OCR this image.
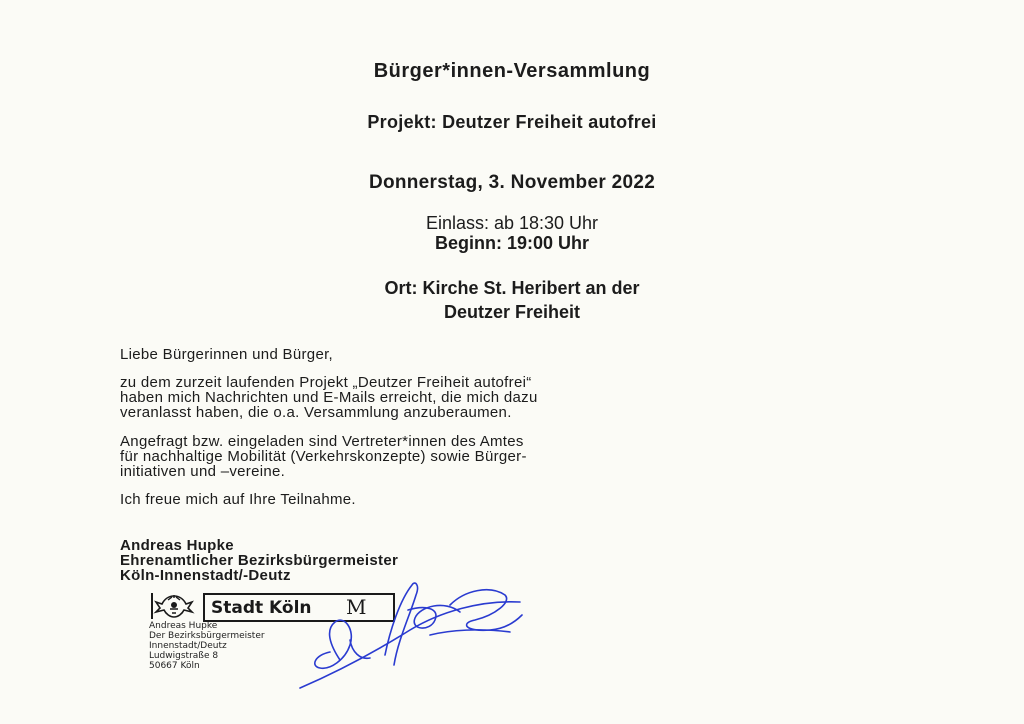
Bürger*innen-Versammlung
Projekt: Deutzer Freiheit autofrei
Donnerstag, 3. November 2022
Einlass: ab 18:30 Uhr
Beginn: 19:00 Uhr
Ort: Kirche St. Heribert an der
Deutzer Freiheit
Liebe Bürgerinnen und Bürger,
zu dem zurzeit laufenden Projekt „Deutzer Freiheit autofrei“
haben mich Nachrichten und E-Mails erreicht, die mich dazu
veranlasst haben, die o.a. Versammlung anzuberaumen.
Angefragt bzw. eingeladen sind Vertreter*innen des Amtes
für nachhaltige Mobilität (Verkehrskonzepte) sowie Bürger-
initiativen und –vereine.
Ich freue mich auf Ihre Teilnahme.
Andreas Hupke
Ehrenamtlicher Bezirksbürgermeister
Köln-Innenstadt/-Deutz
Stadt Köln	M
Andreas Hupke
Der Bezirksbürgermeister
Innenstadt/Deutz
Ludwigstraße 8
50667 Köln
